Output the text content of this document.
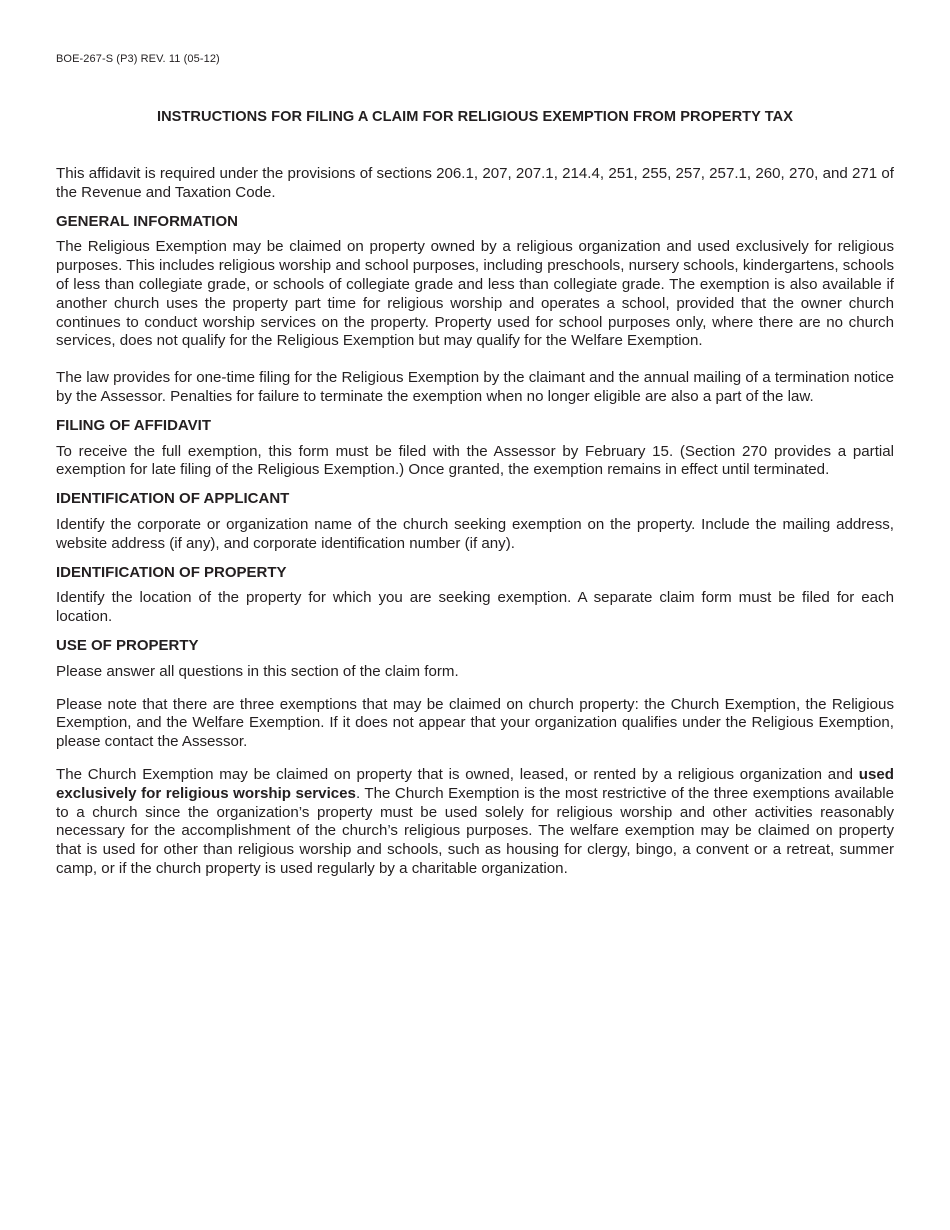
BOE-267-S (P3) REV. 11 (05-12)
INSTRUCTIONS FOR FILING A CLAIM FOR RELIGIOUS EXEMPTION FROM PROPERTY TAX

This affidavit is required under the provisions of sections 206.1, 207, 207.1, 214.4, 251, 255, 257, 257.1, 260, 270, and 271 of the Revenue and Taxation Code.

GENERAL INFORMATION

The Religious Exemption may be claimed on property owned by a religious organization and used exclusively for religious purposes. This includes religious worship and school purposes, including preschools, nursery schools, kindergartens, schools of less than collegiate grade, or schools of collegiate grade and less than collegiate grade. The exemption is also available if another church uses the property part time for religious worship and operates a school, provided that the owner church continues to conduct worship services on the property. Property used for school purposes only, where there are no church services, does not qualify for the Religious Exemption but may qualify for the Welfare Exemption.

The law provides for one-time filing for the Religious Exemption by the claimant and the annual mailing of a termination notice by the Assessor. Penalties for failure to terminate the exemption when no longer eligible are also a part of the law.

FILING OF AFFIDAVIT

To receive the full exemption, this form must be filed with the Assessor by February 15. (Section 270 provides a partial exemption for late filing of the Religious Exemption.) Once granted, the exemption remains in effect until terminated.

IDENTIFICATION OF APPLICANT

Identify the corporate or organization name of the church seeking exemption on the property. Include the mailing address, website address (if any), and corporate identification number (if any).

IDENTIFICATION OF PROPERTY

Identify the location of the property for which you are seeking exemption. A separate claim form must be filed for each location.

USE OF PROPERTY

Please answer all questions in this section of the claim form.

Please note that there are three exemptions that may be claimed on church property: the Church Exemption, the Religious Exemption, and the Welfare Exemption. If it does not appear that your organization qualifies under the Religious Exemption, please contact the Assessor.

The Church Exemption may be claimed on property that is owned, leased, or rented by a religious organization and used exclusively for religious worship services. The Church Exemption is the most restrictive of the three exemptions available to a church since the organization’s property must be used solely for religious worship and other activities reasonably necessary for the accomplishment of the church’s religious purposes. The welfare exemption may be claimed on property that is used for other than religious worship and schools, such as housing for clergy, bingo, a convent or a retreat, summer camp, or if the church property is used regularly by a charitable organization.
